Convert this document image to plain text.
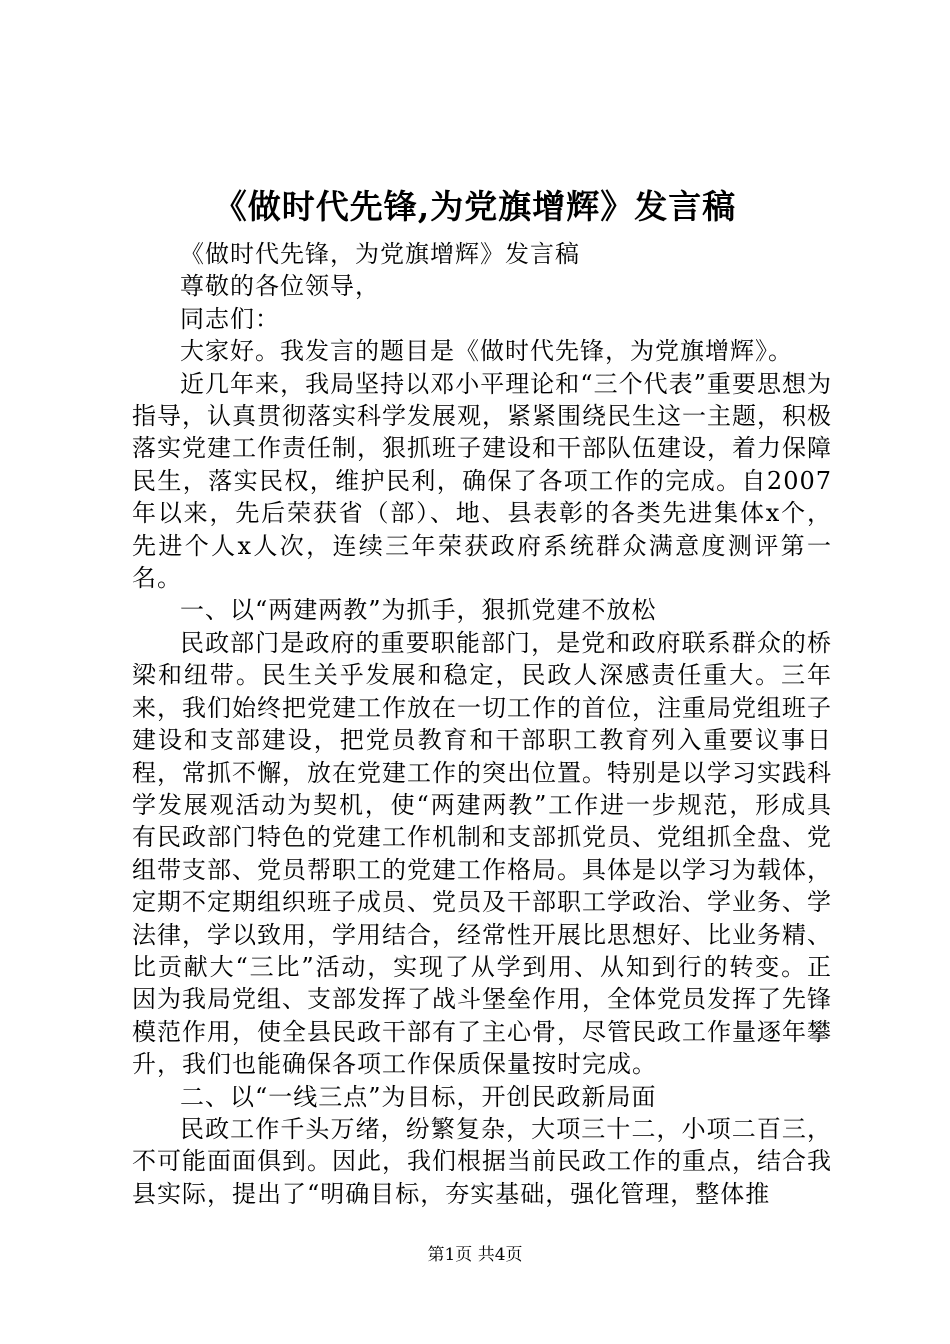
《做时代先锋,为党旗增辉》发言稿

《做时代先锋，为党旗增辉》发言稿

尊敬的各位领导，

同志们：

大家好。我发言的题目是《做时代先锋，为党旗增辉》。

近几年来，我局坚持以邓小平理论和“三个代表”重要思想为指导，认真贯彻落实科学发展观，紧紧围绕民生这一主题，积极落实党建工作责任制，狠抓班子建设和干部队伍建设，着力保障民生，落实民权，维护民利，确保了各项工作的完成。自2007年以来，先后荣获省（部）、地、县表彰的各类先进集体x个，先进个人x人次，连续三年荣获政府系统群众满意度测评第一名。

一、以“两建两教”为抓手，狠抓党建不放松

民政部门是政府的重要职能部门，是党和政府联系群众的桥梁和纽带。民生关乎发展和稳定，民政人深感责任重大。三年来，我们始终把党建工作放在一切工作的首位，注重局党组班子建设和支部建设，把党员教育和干部职工教育列入重要议事日程，常抓不懈，放在党建工作的突出位置。特别是以学习实践科学发展观活动为契机，使“两建两教”工作进一步规范，形成具有民政部门特色的党建工作机制和支部抓党员、党组抓全盘、党组带支部、党员帮职工的党建工作格局。具体是以学习为载体，定期不定期组织班子成员、党员及干部职工学政治、学业务、学法律，学以致用，学用结合，经常性开展比思想好、比业务精、比贡献大“三比”活动，实现了从学到用、从知到行的转变。正因为我局党组、支部发挥了战斗堡垒作用，全体党员发挥了先锋模范作用，使全县民政干部有了主心骨，尽管民政工作量逐年攀升，我们也能确保各项工作保质保量按时完成。

二、以“一线三点”为目标，开创民政新局面

民政工作千头万绪，纷繁复杂，大项三十二，小项二百三，不可能面面俱到。因此，我们根据当前民政工作的重点，结合我县实际，提出了“明确目标，夯实基础，强化管理，整体推

第1页 共4页
